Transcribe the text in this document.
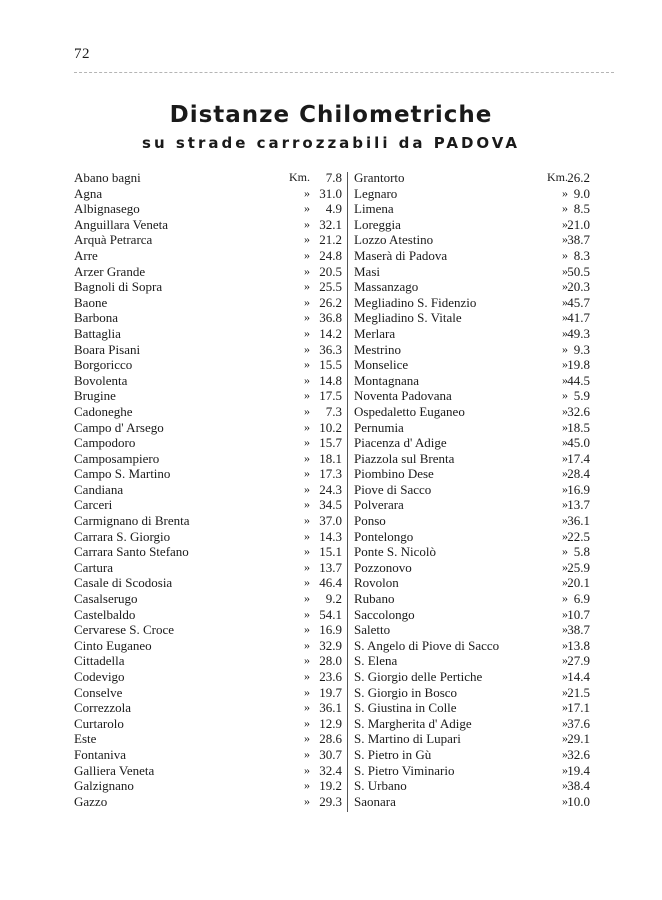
72
Distanze Chilometriche
su strade carrozzabili da PADOVA
Abano bagni	Km.	7.8
Agna	» 31.0
Albignasego	»	4.9
Anguillara Veneta	» 32.1
Arquà Petrarca	» 21.2
Arre	» 24.8
Arzer Grande	» 20.5
Bagnoli di Sopra	» 25.5
Baone	» 26.2
Barbona	» 36.8
Battaglia	» 14.2
Boara Pisani	» 36.3
Borgoricco	» 15.5
Bovolenta	» 14.8
Brugine	» 17.5
Cadoneghe	»	7.3
Campo d' Arsego	» 10.2
Campodoro	» 15.7
Camposampiero	» 18.1
Campo S. Martino	» 17.3
Candiana	» 24.3
Carceri	» 34.5
Carmignano di Brenta	» 37.0
Carrara S. Giorgio	» 14.3
Carrara Santo Stefano	» 15.1
Cartura	» 13.7
Casale di Scodosia	» 46.4
Casalserugo	»	9.2
Castelbaldo	» 54.1
Cervarese S. Croce	» 16.9
Cinto Euganeo	» 32.9
Cittadella	» 28.0
Codevigo	» 23.6
Conselve	» 19.7
Correzzola	» 36.1
Curtarolo	» 12.9
Este	» 28.6
Fontaniva	» 30.7
Galliera Veneta	» 32.4
Galzignano	» 19.2
Gazzo	» 29.3
Grantorto	Km. 26.2
Legnaro	» 9.0
Limena	» 8.5
Loreggia	» 21.0
Lozzo Atestino	» 38.7
Maserà di Padova	» 8.3
Masi	» 50.5
Massanzago	» 20.3
Megliadino S. Fidenzio	» 45.7
Megliadino S. Vitale	» 41.7
Merlara	» 49.3
Mestrino	» 9.3
Monselice	» 19.8
Montagnana	» 44.5
Noventa Padovana	» 5.9
Ospedaletto Euganeo	» 32.6
Pernumia	» 18.5
Piacenza d' Adige	» 45.0
Piazzola sul Brenta	» 17.4
Piombino Dese	» 28.4
Piove di Sacco	» 16.9
Polverara	» 13.7
Ponso	» 36.1
Pontelongo	» 22.5
Ponte S. Nicolò	» 5.8
Pozzonovo	» 25.9
Rovolon	» 20.1
Rubano	» 6.9
Saccolongo	» 10.7
Saletto	» 38.7
S. Angelo di Piove di Sacco	» 13.8
S. Elena	» 27.9
S. Giorgio delle Pertiche	» 14.4
S. Giorgio in Bosco	» 21.5
S. Giustina in Colle	» 17.1
S. Margherita d' Adige	» 37.6
S. Martino di Lupari	» 29.1
S. Pietro in Gù	» 32.6
S. Pietro Viminario	» 19.4
S. Urbano	» 38.4
Saonara	» 10.0
